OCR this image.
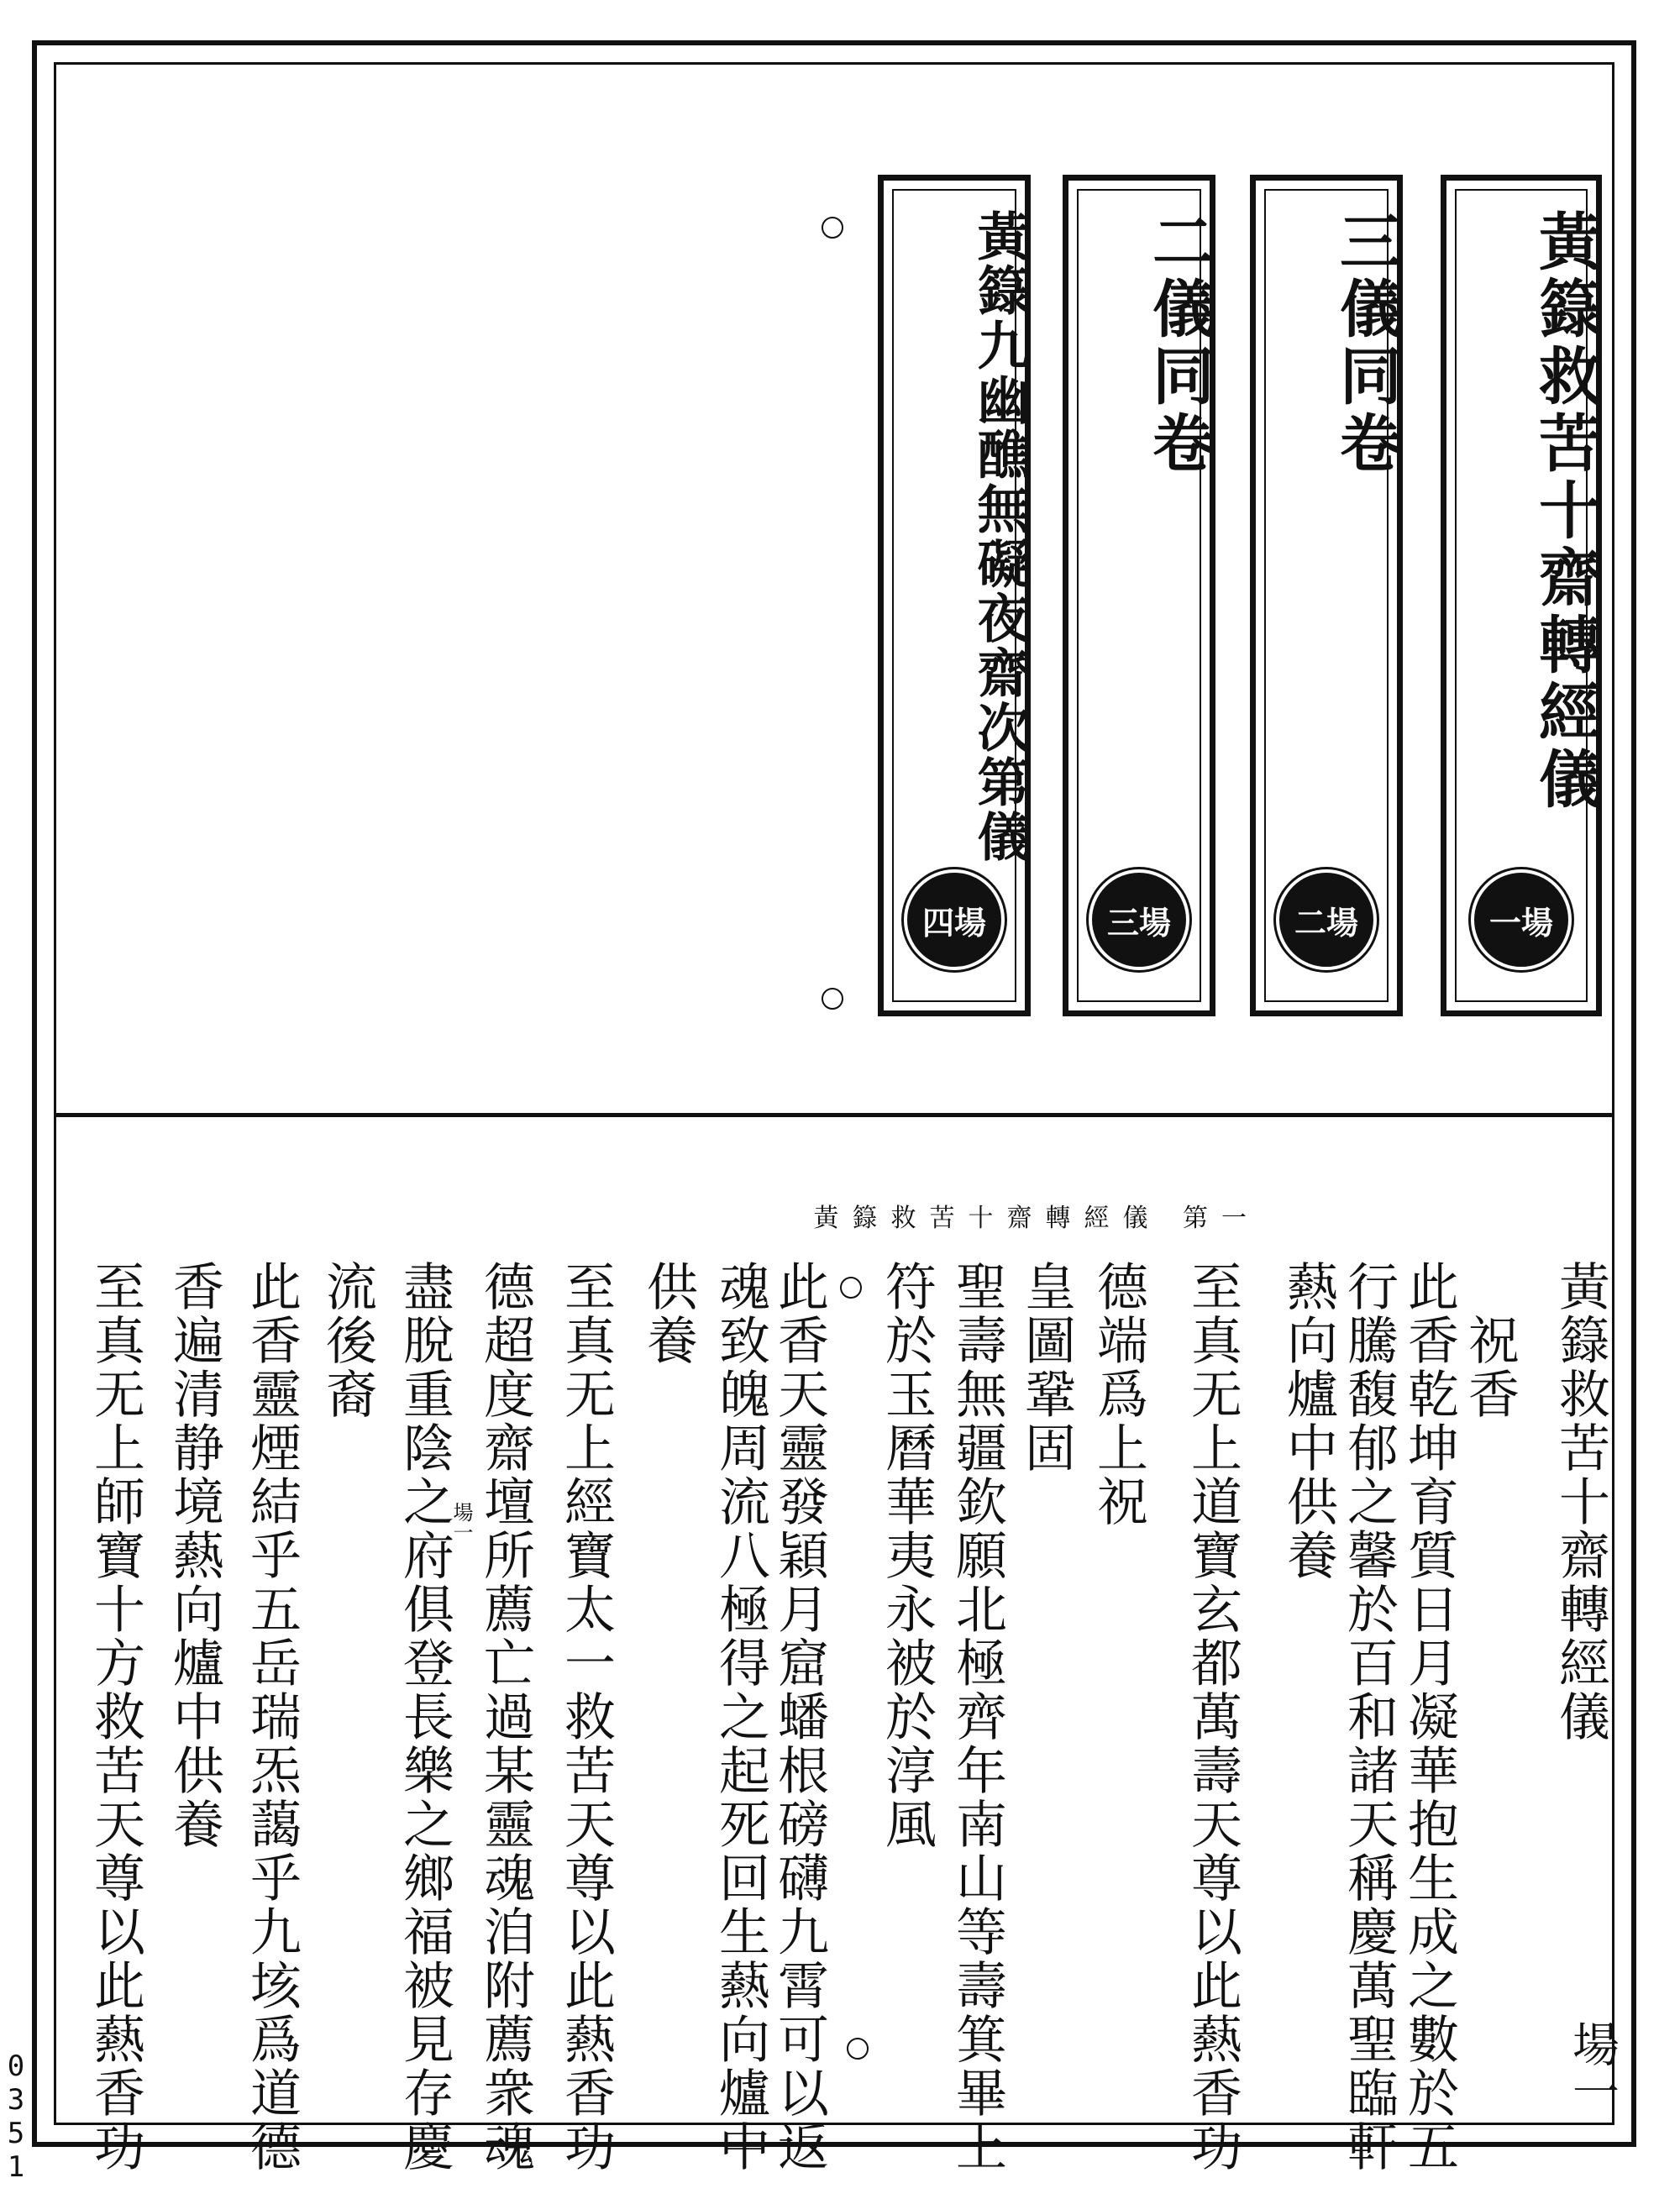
黃籙救苦十齋轉經儀
一場
三儀同卷
二場
二儀同卷
三場
黃籙九幽醮無礙夜齋次第儀
四場
黃籙救苦十齋轉經儀 第一
黃籙救苦十齋轉經儀
　祝香
此香乾坤育質日月凝華抱生成之數於五
行騰馥郁之馨於百和諸天稱慶萬聖臨軒
爇向爐中供養
至真无上道寶玄都萬壽天尊以此爇香功
德端爲上祝
皇圖鞏固
聖壽無疆欽願北極齊年南山等壽箕畢上
符於玉曆華夷永被於淳風
此香天靈發穎月窟蟠根磅礴九霄可以返
魂致魄周流八極得之起死回生爇向爐中
供養
至真无上經寶太一救苦天尊以此爇香功
德超度齋壇所薦亡過某靈魂洎附薦衆魂
盡脫重陰之府俱登長樂之鄉福被見存慶
流後裔
此香靈煙結乎五岳瑞炁藹乎九垓爲道德
香遍清静境爇向爐中供養
至真无上師寶十方救苦天尊以此爇香功	場一
場一
0351
